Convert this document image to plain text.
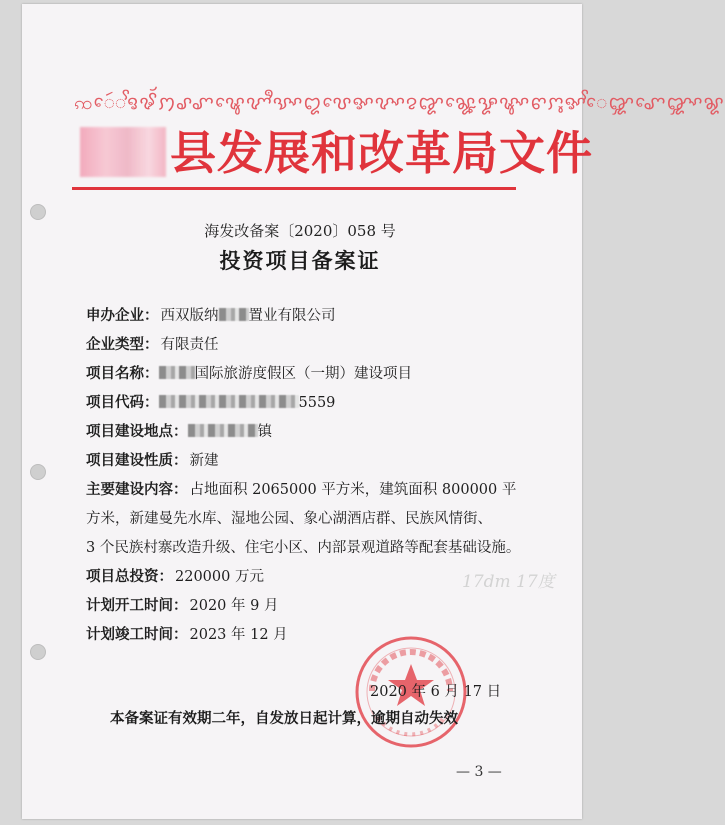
ꩡꨯꩃꨩꨅꨃꨮꩀꨣꨚꨡꨯꨉꨫꨕꨳꨁꨝꨯꨀꨖꨳꨂꨑꨘꨵꨯꨋꨡꨳꨓꨆꨶꨀꨩꨯꨒꨚꨯꨒꨳꨘ
县发展和改革局文件
海发改备案〔2020〕058 号
投资项目备案证
申办企业： 西双版纳 置业有限公司
企业类型： 有限责任
项目名称： 国际旅游度假区（一期）建设项目
项目代码：	5559
项目建设地点：	镇
项目建设性质： 新建
主要建设内容： 占地面积 2065000 平方米，建筑面积 800000 平
方米，新建曼先水库、湿地公园、象心湖酒店群、民族风情街、
3 个民族村寨改造升级、住宅小区、内部景观道路等配套基础设施。
项目总投资： 220000 万元
计划开工时间： 2020 年 9 月
计划竣工时间： 2023 年 12 月
17dm 17度
2020 年 6 月 17 日
本备案证有效期二年，自发放日起计算，逾期自动失效
— 3 —
